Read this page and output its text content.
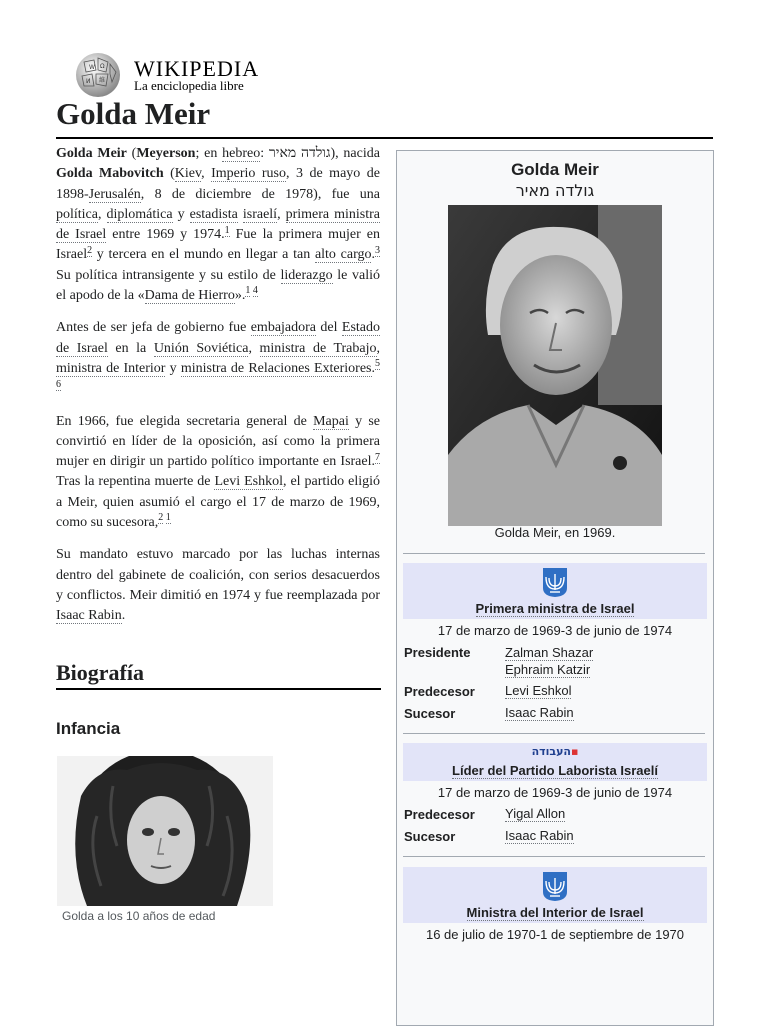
W Ω
И 維 WIKIPEDIA
La enciclopedia libre
Golda Meir

Golda Meir (Meyerson; en hebreo: גולדה מאיר), nacida Golda Mabovitch (Kiev, Imperio ruso, 3 de mayo de 1898-Jerusalén, 8 de diciembre de 1978), fue una política, diplomática y estadista israelí, primera ministra de Israel entre 1969 y 1974.$^1$ Fue la primera mujer en Israel$^2$ y tercera en el mundo en llegar a tan alto cargo.$^3$ Su política intransigente y su estilo de liderazgo le valió el apodo de la «Dama de Hierro».$^{1 4}$

Antes de ser jefa de gobierno fue embajadora del Estado de Israel en la Unión Soviética, ministra de Trabajo, ministra de Interior y ministra de Relaciones Exteriores.$^{5 6}$

En 1966, fue elegida secretaria general de Mapai y se convirtió en líder de la oposición, así como la primera mujer en dirigir un partido político importante en Israel.$^7$ Tras la repentina muerte de Levi Eshkol, el partido eligió a Meir, quien asumió el cargo el 17 de marzo de 1969, como su sucesora,$^{2 1}$

Su mandato estuvo marcado por las luchas internas dentro del gabinete de coalición, con serios desacuerdos y conflictos. Meir dimitió en 1974 y fue reemplazada por Isaac Rabin.

Biografía
Infancia
Golda a los 10 años de edad
Golda Meir
גולדה מאיר
Golda Meir, en 1969.
Primera ministra de Israel
17 de marzo de 1969-3 de junio de 1974
Presidente	Zalman Shazar
Ephraim Katzir
Predecesor Levi Eshkol
Sucesor	Isaac Rabin
העבודה▪
Líder del Partido Laborista Israelí
17 de marzo de 1969-3 de junio de 1974
Predecesor Yigal Allon
Sucesor	Isaac Rabin
Ministra del Interior de Israel
16 de julio de 1970-1 de septiembre de 1970
